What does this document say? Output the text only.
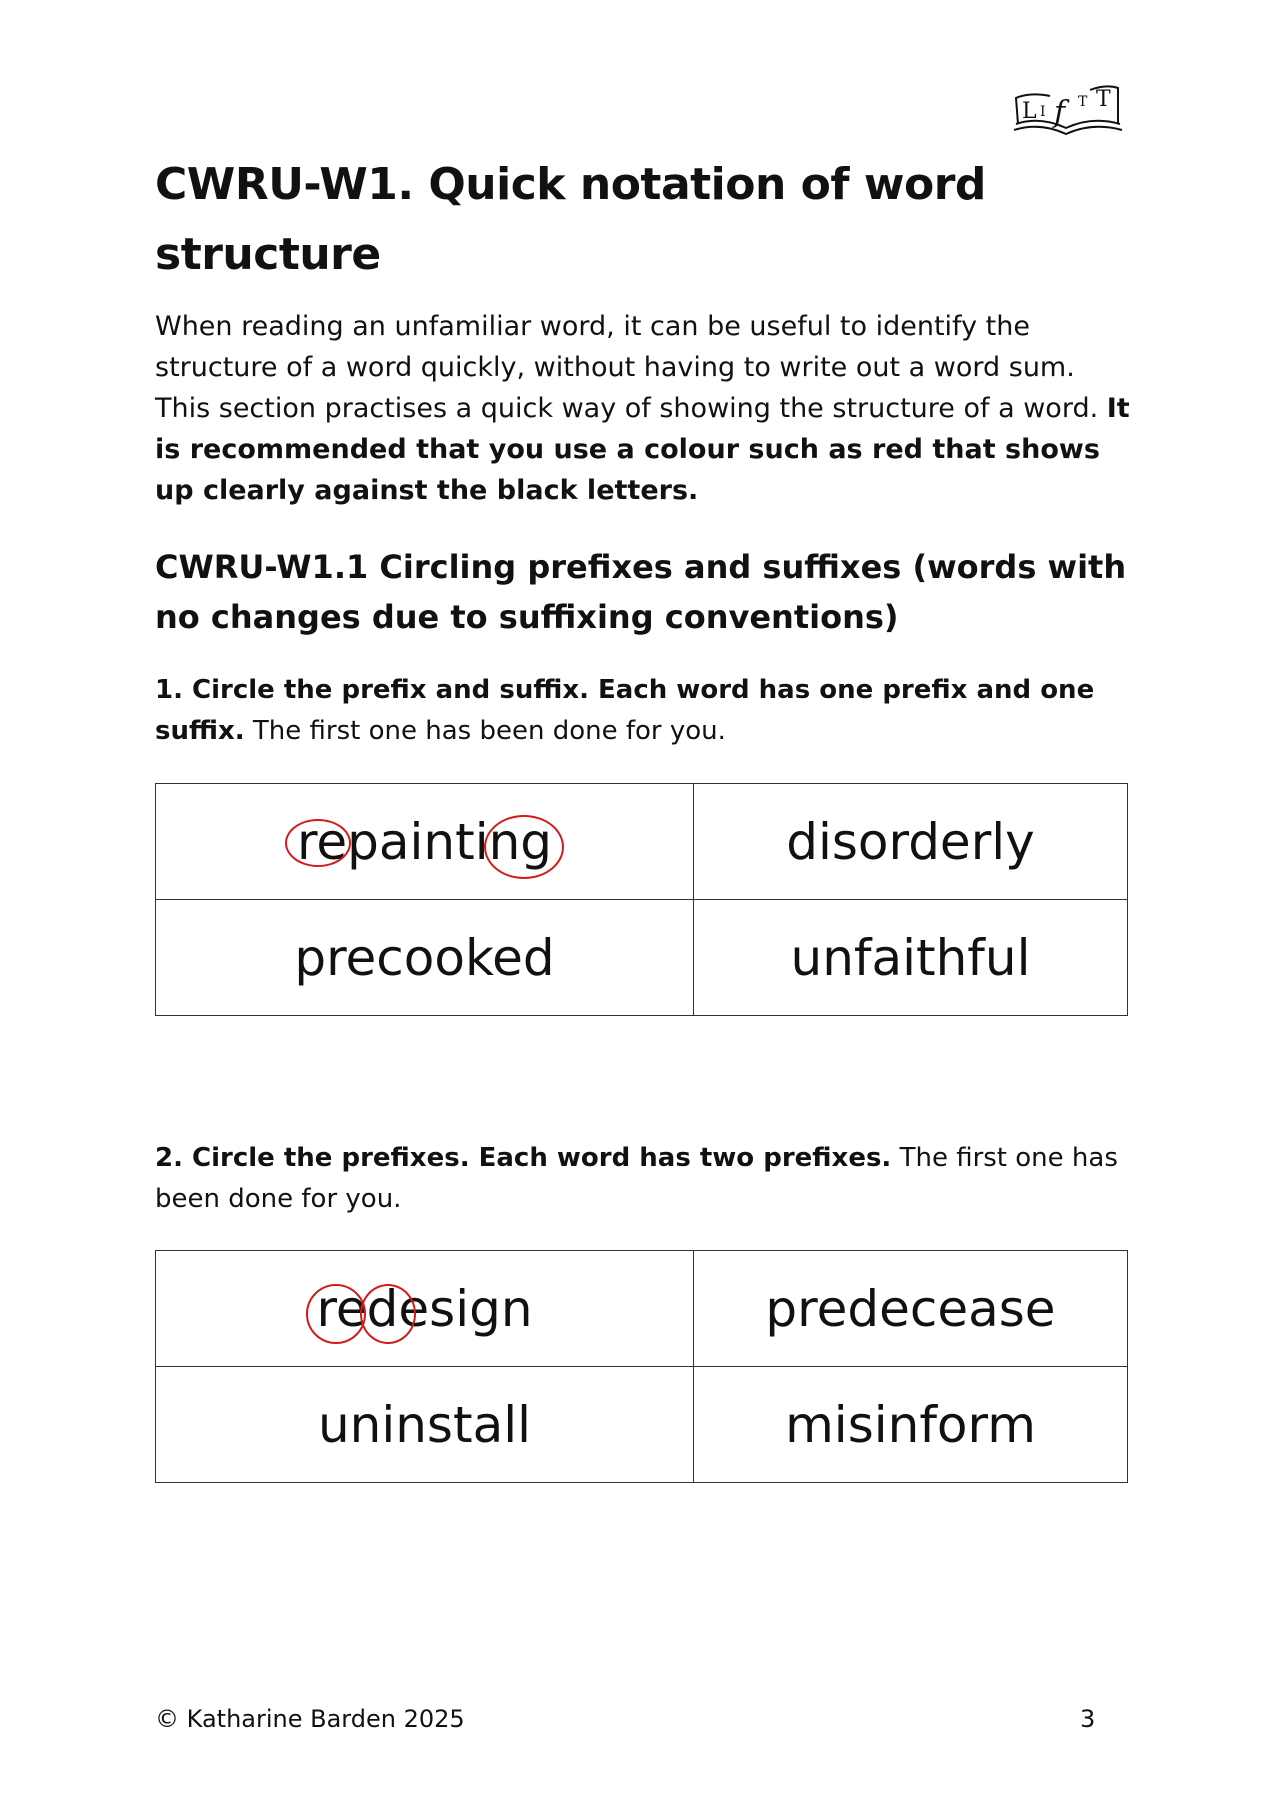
L I f T T
CWRU-W1. Quick notation of word structure

When reading an unfamiliar word, it can be useful to identify the structure of a word quickly, without having to write out a word sum. This section practises a quick way of showing the structure of a word. It is recommended that you use a colour such as red that shows up clearly against the black letters.

CWRU-W1.1 Circling prefixes and suffixes (words with no changes due to suffixing conventions)

1. Circle the prefix and suffix. Each word has one prefix and one suffix. The first one has been done for you.

repainting	disorderly
precooked	unfaithful

2. Circle the prefixes. Each word has two prefixes. The first one has been done for you.

redesign	predecease
uninstall	misinform

© Katharine Barden 2025	3
